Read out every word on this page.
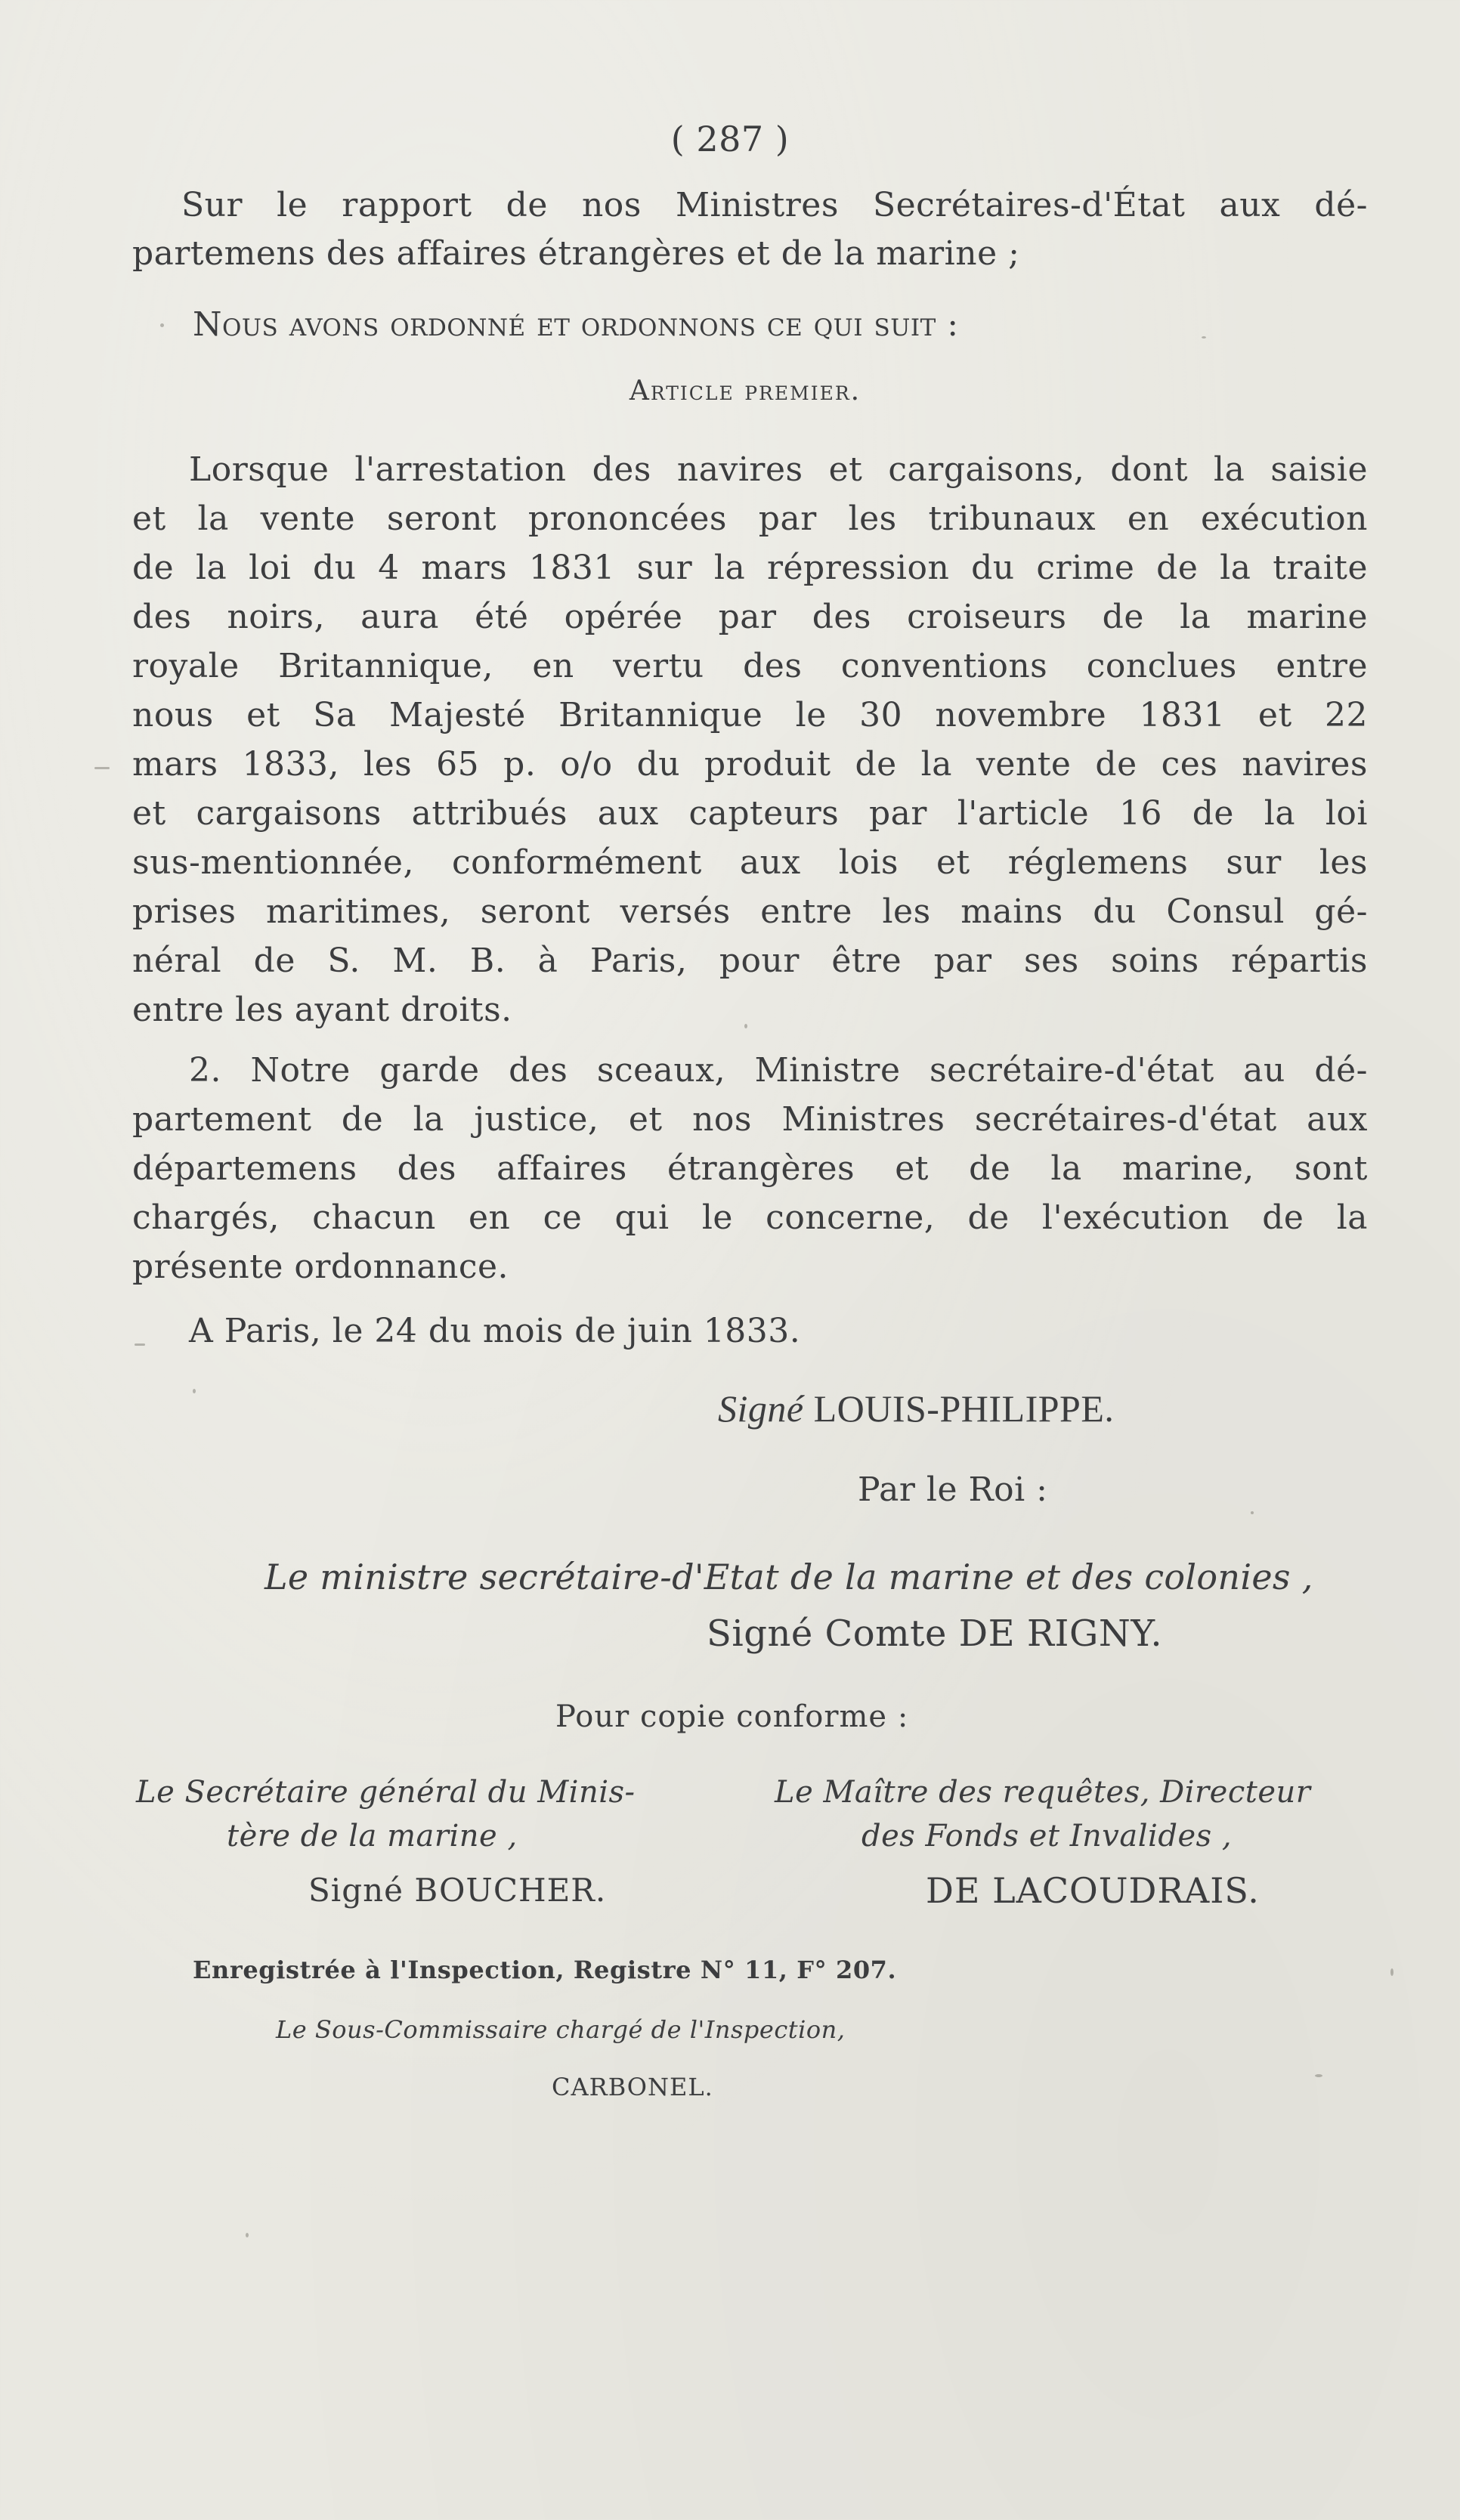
( 287 )
Sur le rapport de nos Ministres Secrétaires-d'État aux dé-
partemens des affaires étrangères et de la marine ;
Nous avons ordonné et ordonnons ce qui suit :
Article premier.
Lorsque l'arrestation des navires et cargaisons, dont la saisie
et la vente seront prononcées par les tribunaux en exécution
de la loi du 4 mars 1831 sur la répression du crime de la traite
des noirs, aura été opérée par des croiseurs de la marine
royale Britannique, en vertu des conventions conclues entre
nous et Sa Majesté Britannique le 30 novembre 1831 et 22
mars 1833, les 65 p. o/o du produit de la vente de ces navires
et cargaisons attribués aux capteurs par l'article 16 de la loi
sus-mentionnée, conformément aux lois et réglemens sur les
prises maritimes, seront versés entre les mains du Consul gé-
néral de S. M. B. à Paris, pour être par ses soins répartis
entre les ayant droits.
2. Notre garde des sceaux, Ministre secrétaire-d'état au dé-
partement de la justice, et nos Ministres secrétaires-d'état aux
départemens des affaires étrangères et de la marine, sont
chargés, chacun en ce qui le concerne, de l'exécution de la
présente ordonnance.
A Paris, le 24 du mois de juin 1833.
Signé LOUIS-PHILIPPE.
Par le Roi :
Le ministre secrétaire-d'Etat de la marine et des colonies ,
Signé Comte DE RIGNY.
Pour copie conforme :
Le Secrétaire général du Minis-
tère de la marine ,
Signé BOUCHER.
Le Maître des requêtes, Directeur
des Fonds et Invalides ,
DE LACOUDRAIS.
Enregistrée à l'Inspection, Registre N° 11, F° 207.
Le Sous-Commissaire chargé de l'Inspection,
CARBONEL.
